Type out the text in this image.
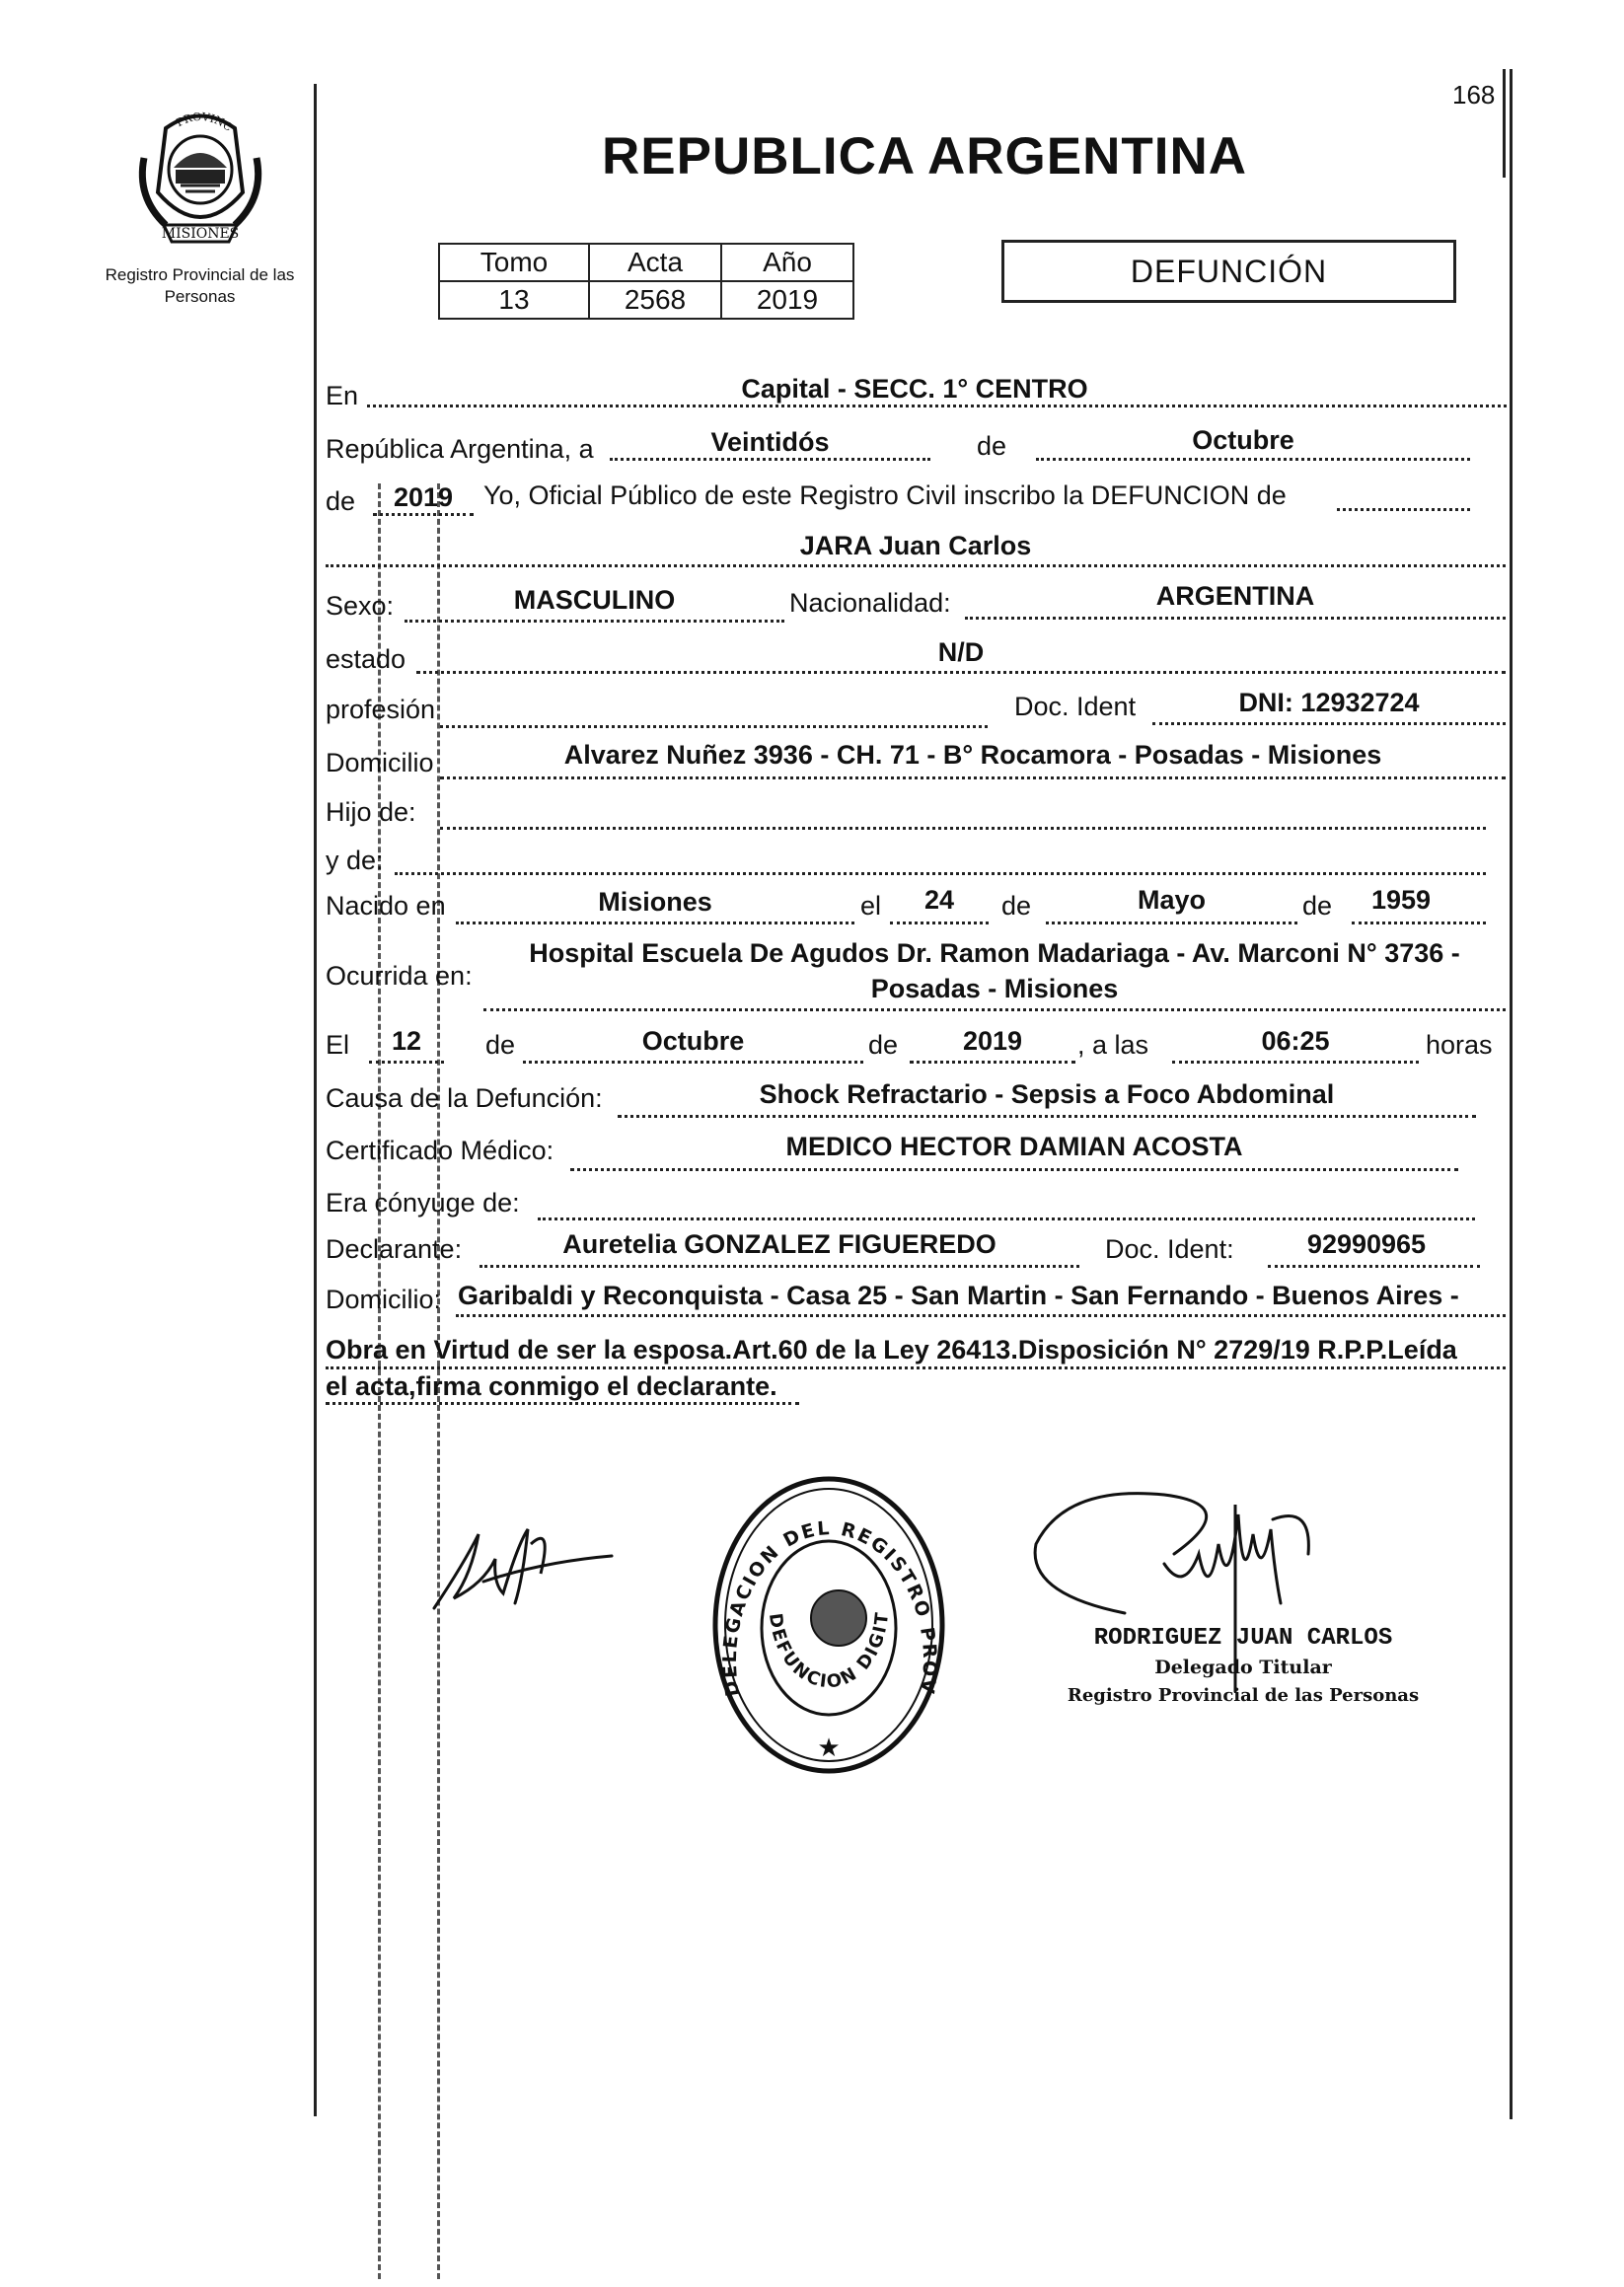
168
PROVINC
MISIONES
Registro Provincial de las Personas
REPUBLICA ARGENTINA
Tomo	Acta	Año
13	2568	2019
DEFUNCIÓN
En	Capital - SECC. 1° CENTRO
República Argentina, a	Veintidós	de	Octubre
de	2019	Yo, Oficial Público de este Registro Civil inscribo la DEFUNCION de
JARA Juan Carlos
Sexo:	MASCULINO	Nacionalidad:	ARGENTINA
estado	N/D
profesión	Doc. Ident	DNI: 12932724
Domicilio	Alvarez Nuñez 3936 - CH. 71 - B° Rocamora - Posadas - Misiones
Hijo de:
y de:
Nacido en	Misiones	el	24	de	Mayo	de	1959
Ocurrida en:
Hospital Escuela De Agudos Dr. Ramon Madariaga - Av. Marconi N° 3736 -
Posadas - Misiones
El	12	de	Octubre	de	2019	, a las	06:25	horas
Causa de la Defunción:	Shock Refractario - Sepsis a Foco Abdominal
Certificado Médico:	MEDICO HECTOR DAMIAN ACOSTA
Era cónyuge de:
Declarante:	Auretelia GONZALEZ FIGUEREDO	Doc. Ident:	92990965
Domicilio: Garibaldi y Reconquista - Casa 25 - San Martin - San Fernando - Buenos Aires -
Obra en Virtud de ser la esposa.Art.60 de la Ley 26413.Disposición N° 2729/19 R.P.P.Leída
el acta,firma conmigo el declarante.
DELEGACION DEL REGISTRO PROV
DEFUNCION DIGIT
★
RODRIGUEZ JUAN CARLOS
Delegado Titular
Registro Provincial de las Personas
